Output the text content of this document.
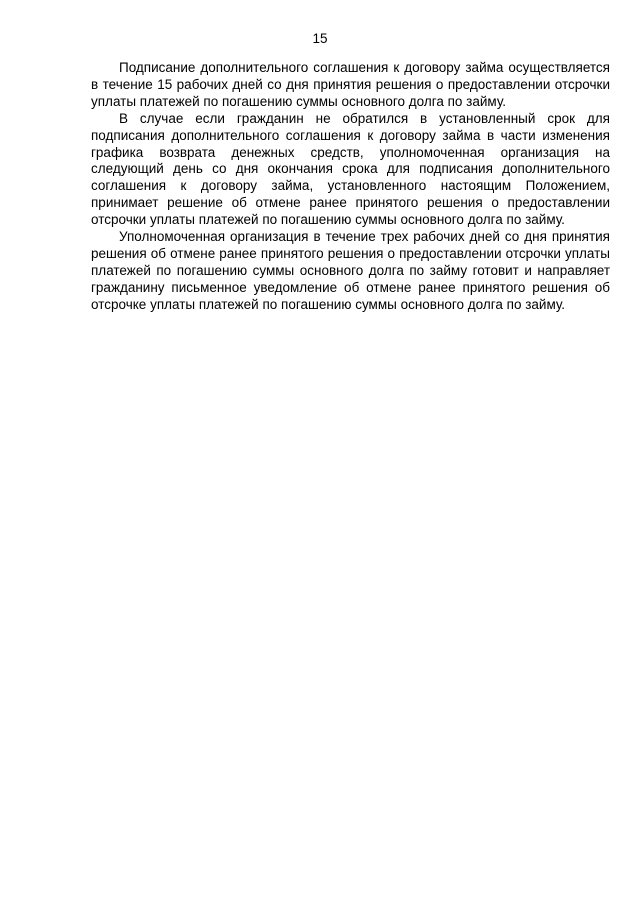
15

Подписание дополнительного соглашения к договору займа осуществляется в течение 15 рабочих дней со дня принятия решения о предоставлении отсрочки уплаты платежей по погашению суммы основного долга по займу.

В случае если гражданин не обратился в установленный срок для подписания дополнительного соглашения к договору займа в части изменения графика возврата денежных средств, уполномоченная организация на следующий день со дня окончания срока для подписания дополнительного соглашения к договору займа, установленного настоящим Положением, принимает решение об отмене ранее принятого решения о предоставлении отсрочки уплаты платежей по погашению суммы основного долга по займу.

Уполномоченная организация в течение трех рабочих дней со дня принятия решения об отмене ранее принятого решения о предоставлении отсрочки уплаты платежей по погашению суммы основного долга по займу готовит и направляет гражданину письменное уведомление об отмене ранее принятого решения об отсрочке уплаты платежей по погашению суммы основного долга по займу.
